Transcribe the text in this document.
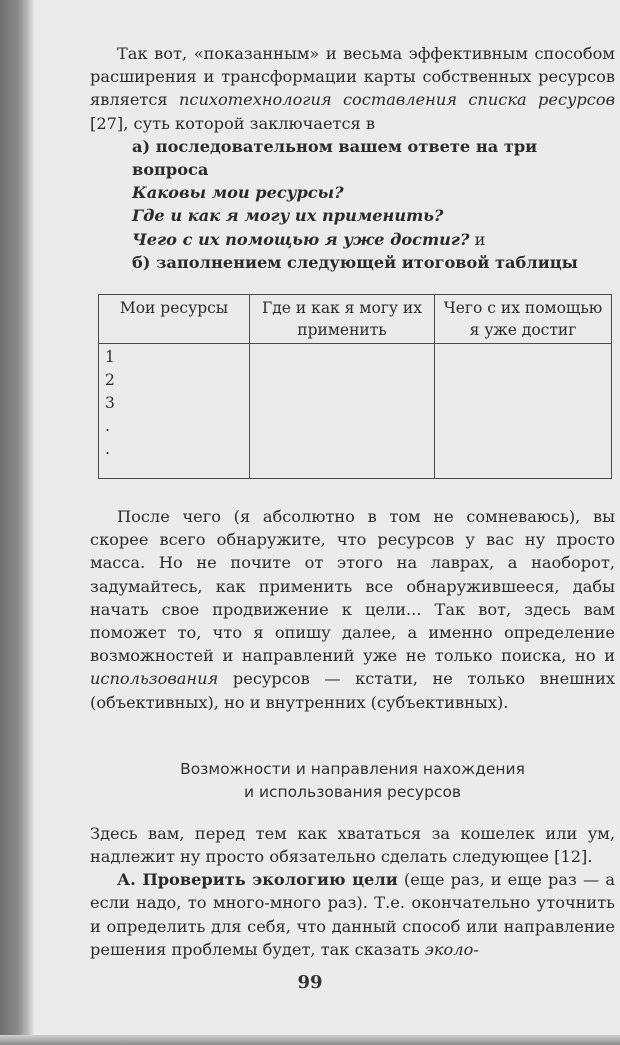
Так вот, «показанным» и весьма эффективным способом расширения и трансформации карты собственных ресурсов является психотехнология составления списка ресурсов [27], суть которой заключается в

а) последовательном вашем ответе на три вопроса

Каковы мои ресурсы?

Где и как я могу их применить?

Чего с их помощью я уже достиг? и

б) заполнением следующей итоговой таблицы

Мои ресурсы	Где и как я могу их применить	Чего с их помощью я уже достиг

1
2
3
.
.		

После чего (я абсолютно в том не сомневаюсь), вы скорее всего обнаружите, что ресурсов у вас ну просто масса. Но не почите от этого на лаврах, а наоборот, задумайтесь, как применить все обнаружившееся, дабы начать свое продвижение к цели... Так вот, здесь вам поможет то, что я опишу далее, а именно определение возможностей и направлений уже не только поиска, но и использования ресурсов — кстати, не только внешних (объективных), но и внутренних (субъективных).

Возможности и направления нахождения
и использования ресурсов

Здесь вам, перед тем как хвататься за кошелек или ум, надлежит ну просто обязательно сделать следующее [12].

А. Проверить экологию цели (еще раз, и еще раз — а если надо, то много-много раз). Т.е. окончательно уточнить и определить для себя, что данный способ или направление решения проблемы будет, так сказать эколо-

99
